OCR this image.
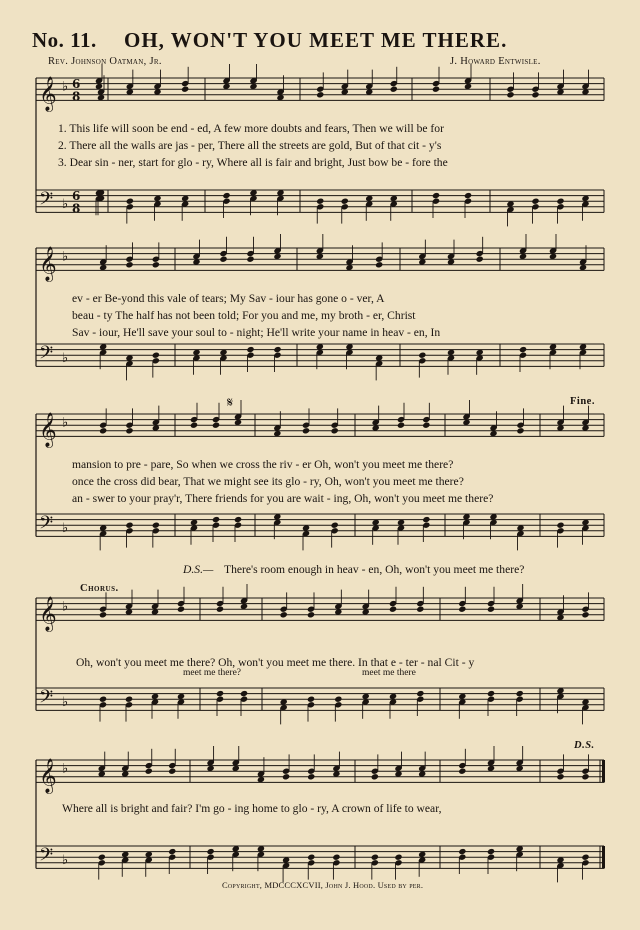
No. 11. OH, WON'T YOU MEET ME THERE.
Rev. Johnson Oatman, Jr.	J. Howard Entwisle.
𝄞 ♭ 6
8
𝄢 ♭
6
8
𝄞 ♭
𝄢 ♭
𝄞 ♭
𝄢 ♭
𝄞 ♭
𝄢 ♭
𝄞 ♭
𝄢 ♭
1. This life will soon be end - ed, A few more doubts and fears, Then we will be for
2. There all the walls are jas - per, There all the streets are gold, But of that cit - y's
3. Dear sin - ner, start for glo - ry, Where all is fair and bright, Just bow be - fore the
ev - er Be-yond this vale of tears; My Sav - iour has gone o - ver, A
beau - ty The half has not been told; For you and me, my broth - er, Christ
Sav - iour, He'll save your soul to - night; He'll write your name in heav - en, In
Fine.
𝄋
mansion to pre - pare, So when we cross the riv - er Oh, won't you meet me there?
once the cross did bear, That we might see its glo - ry, Oh, won't you meet me there?
an - swer to your pray'r, There friends for you are wait - ing, Oh, won't you meet me there?
D.S.— There's room enough in heav - en, Oh, won't you meet me there?
Chorus.
Oh, won't you meet me there? Oh, won't you meet me there. In that e - ter - nal Cit - y
meet me there?	meet me there
D.S.
Where all is bright and fair? I'm go - ing home to glo - ry, A crown of life to wear,
Copyright, MDCCCXCVII, John J. Hood. Used by per.
